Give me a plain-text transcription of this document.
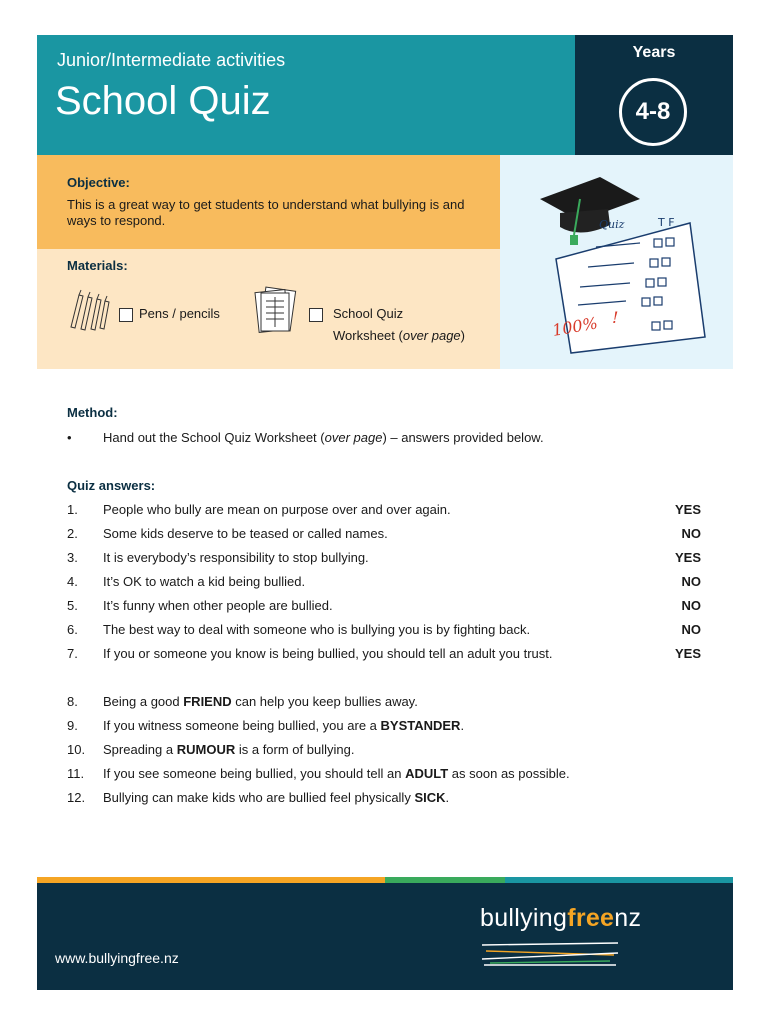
Junior/Intermediate activities
School Quiz
Years
4-8
Objective:
This is a great way to get students to understand what bullying is and ways to respond.
Materials:
Pens / pencils	School Quiz
Worksheet (over page)
Quiz	T F
100% !
Method:
• Hand out the School Quiz Worksheet (over page) – answers provided below.
Quiz answers:
1. People who bully are mean on purpose over and over again.	YES
2. Some kids deserve to be teased or called names.	NO
3. It is everybody’s responsibility to stop bullying.	YES
4. It’s OK to watch a kid being bullied.	NO
5. It’s funny when other people are bullied.	NO
6. The best way to deal with someone who is bullying you is by fighting back.	NO
7. If you or someone you know is being bullied, you should tell an adult you trust.	YES
8. Being a good FRIEND can help you keep bullies away.
9. If you witness someone being bullied, you are a BYSTANDER.
10. Spreading a RUMOUR is a form of bullying.
11. If you see someone being bullied, you should tell an ADULT as soon as possible.
12. Bullying can make kids who are bullied feel physically SICK.
bullyingfreenz
www.bullyingfree.nz
